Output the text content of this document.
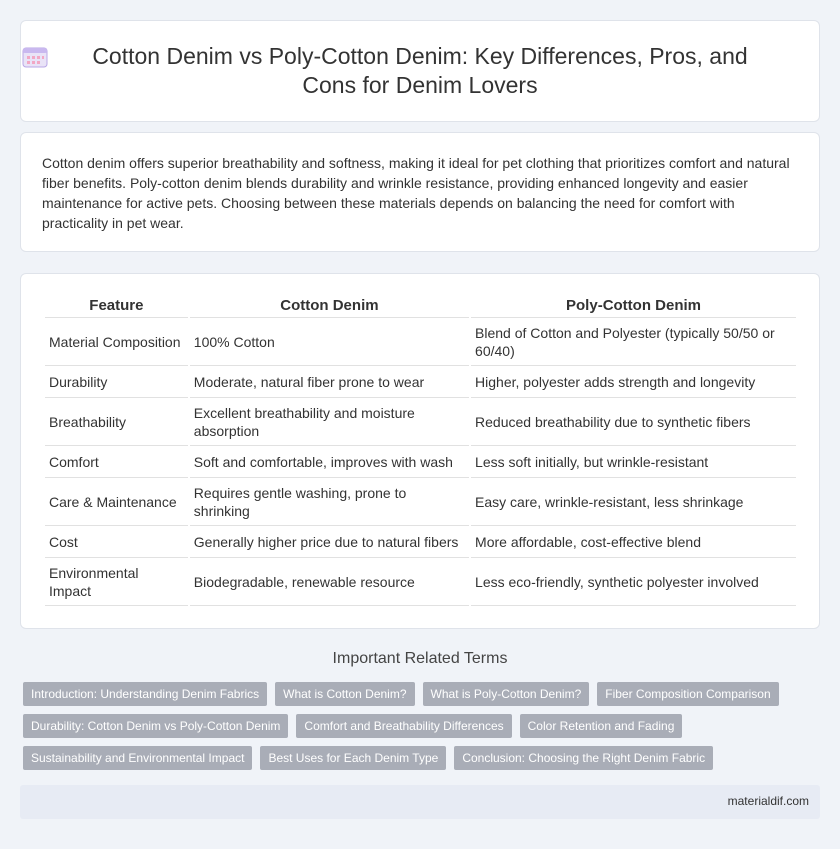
Cotton Denim vs Poly-Cotton Denim: Key Differences, Pros, and Cons for Denim Lovers

Cotton denim offers superior breathability and softness, making it ideal for pet clothing that prioritizes comfort and natural fiber benefits. Poly-cotton denim blends durability and wrinkle resistance, providing enhanced longevity and easier maintenance for active pets. Choosing between these materials depends on balancing the need for comfort with practicality in pet wear.

Feature	Cotton Denim	Poly-Cotton Denim
Material Composition	100% Cotton	Blend of Cotton and Polyester (typically 50/50 or 60/40)
Durability	Moderate, natural fiber prone to wear	Higher, polyester adds strength and longevity
Breathability	Excellent breathability and moisture absorption	Reduced breathability due to synthetic fibers
Comfort	Soft and comfortable, improves with wash	Less soft initially, but wrinkle-resistant
Care & Maintenance	Requires gentle washing, prone to shrinking	Easy care, wrinkle-resistant, less shrinkage
Cost	Generally higher price due to natural fibers	More affordable, cost-effective blend
Environmental Impact	Biodegradable, renewable resource	Less eco-friendly, synthetic polyester involved
Important Related Terms
Introduction: Understanding Denim Fabrics	What is Cotton Denim?	What is Poly-Cotton Denim?	Fiber Composition Comparison
Durability: Cotton Denim vs Poly-Cotton Denim	Comfort and Breathability Differences	Color Retention and Fading
Sustainability and Environmental Impact	Best Uses for Each Denim Type	Conclusion: Choosing the Right Denim Fabric
materialdif.com
